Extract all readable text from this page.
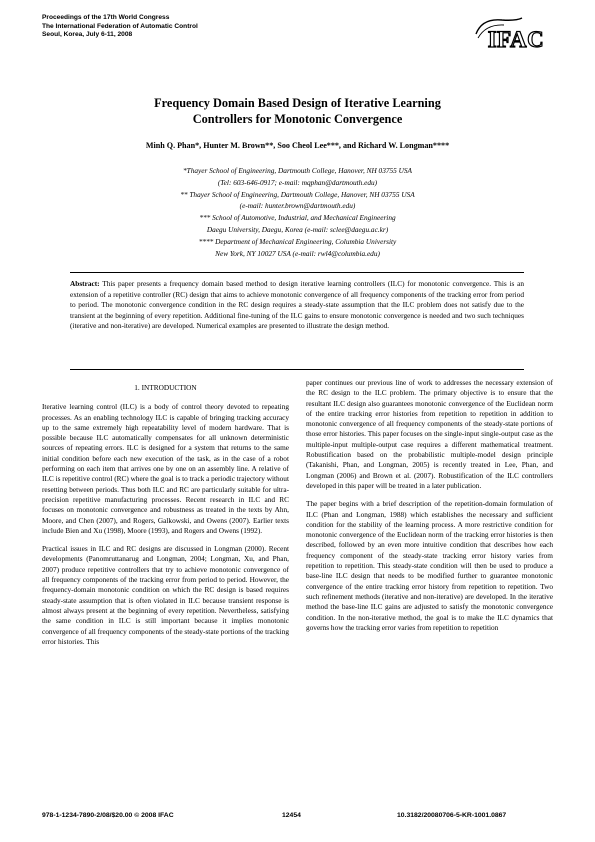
Proceedings of the 17th World Congress
The International Federation of Automatic Control
Seoul, Korea, July 6-11, 2008	IFAC
Frequency Domain Based Design of Iterative Learning
Controllers for Monotonic Convergence
Minh Q. Phan*, Hunter M. Brown**, Soo Cheol Lee***, and Richard W. Longman****
*Thayer School of Engineering, Dartmouth College, Hanover, NH 03755 USA
(Tel: 603-646-0917; e-mail: mqphan@dartmouth.edu)
** Thayer School of Engineering, Dartmouth College, Hanover, NH 03755 USA
(e-mail: hunter.brown@dartmouth.edu)
*** School of Automotive, Industrial, and Mechanical Engineering
Daegu University, Daegu, Korea (e-mail: sclee@daegu.ac.kr)
**** Department of Mechanical Engineering, Columbia University
New York, NY 10027 USA (e-mail: rwl4@columbia.edu)
Abstract: This paper presents a frequency domain based method to design iterative learning controllers (ILC) for monotonic convergence. This is an extension of a repetitive controller (RC) design that aims to achieve monotonic convergence of all frequency components of the tracking error from period to period. The monotonic convergence condition in the RC design requires a steady-state assumption that the ILC problem does not satisfy due to the transient at the beginning of every repetition. Additional fine-tuning of the ILC gains to ensure monotonic convergence is needed and two such techniques (iterative and non-iterative) are developed. Numerical examples are presented to illustrate the design method.
1. INTRODUCTION

Iterative learning control (ILC) is a body of control theory devoted to repeating processes. As an enabling technology ILC is capable of bringing tracking accuracy up to the same extremely high repeatability level of modern hardware. That is possible because ILC automatically compensates for all unknown deterministic sources of repeating errors. ILC is designed for a system that returns to the same initial condition before each new execution of the task, as in the case of a robot performing on each item that arrives one by one on an assembly line. A relative of ILC is repetitive control (RC) where the goal is to track a periodic trajectory without resetting between periods. Thus both ILC and RC are particularly suitable for ultra-precision repetitive manufacturing processes. Recent research in ILC and RC focuses on monotonic convergence and robustness as treated in the texts by Ahn, Moore, and Chen (2007), and Rogers, Galkowski, and Owens (2007). Earlier texts include Bien and Xu (1998), Moore (1993), and Rogers and Owens (1992).

Practical issues in ILC and RC designs are discussed in Longman (2000). Recent developments (Panomruttanarug and Longman, 2004; Longman, Xu, and Phan, 2007) produce repetitive controllers that try to achieve monotonic convergence of all frequency components of the tracking error from period to period. However, the frequency-domain monotonic condition on which the RC design is based requires steady-state assumption that is often violated in ILC because transient response is almost always present at the beginning of every repetition. Nevertheless, satisfying the same condition in ILC is still important because it implies monotonic convergence of all frequency components of the steady-state portions of the tracking error histories. This

paper continues our previous line of work to addresses the necessary extension of the RC design to the ILC problem. The primary objective is to ensure that the resultant ILC design also guarantees monotonic convergence of the Euclidean norm of the entire tracking error histories from repetition to repetition in addition to monotonic convergence of all frequency components of the steady-state portions of those error histories. This paper focuses on the single-input single-output case as the multiple-input multiple-output case requires a different mathematical treatment. Robustification based on the probabilistic multiple-model design principle (Takanishi, Phan, and Longman, 2005) is recently treated in Lee, Phan, and Longman (2006) and Brown et al. (2007). Robustification of the ILC controllers developed in this paper will be treated in a later publication.

The paper begins with a brief description of the repetition-domain formulation of ILC (Phan and Longman, 1988) which establishes the necessary and sufficient condition for the stability of the learning process. A more restrictive condition for monotonic convergence of the Euclidean norm of the tracking error histories is then described, followed by an even more intuitive condition that describes how each frequency component of the steady-state tracking error history varies from repetition to repetition. This steady-state condition will then be used to produce a base-line ILC design that needs to be modified further to guarantee monotonic convergence of the entire tracking error history from repetition to repetition. Two such refinement methods (iterative and non-iterative) are developed. In the iterative method the base-line ILC gains are adjusted to satisfy the monotonic convergence condition. In the non-iterative method, the goal is to make the ILC dynamics that governs how the tracking error varies from repetition to repetition

978-1-1234-7890-2/08/$20.00 © 2008 IFAC	12454	10.3182/20080706-5-KR-1001.0867
